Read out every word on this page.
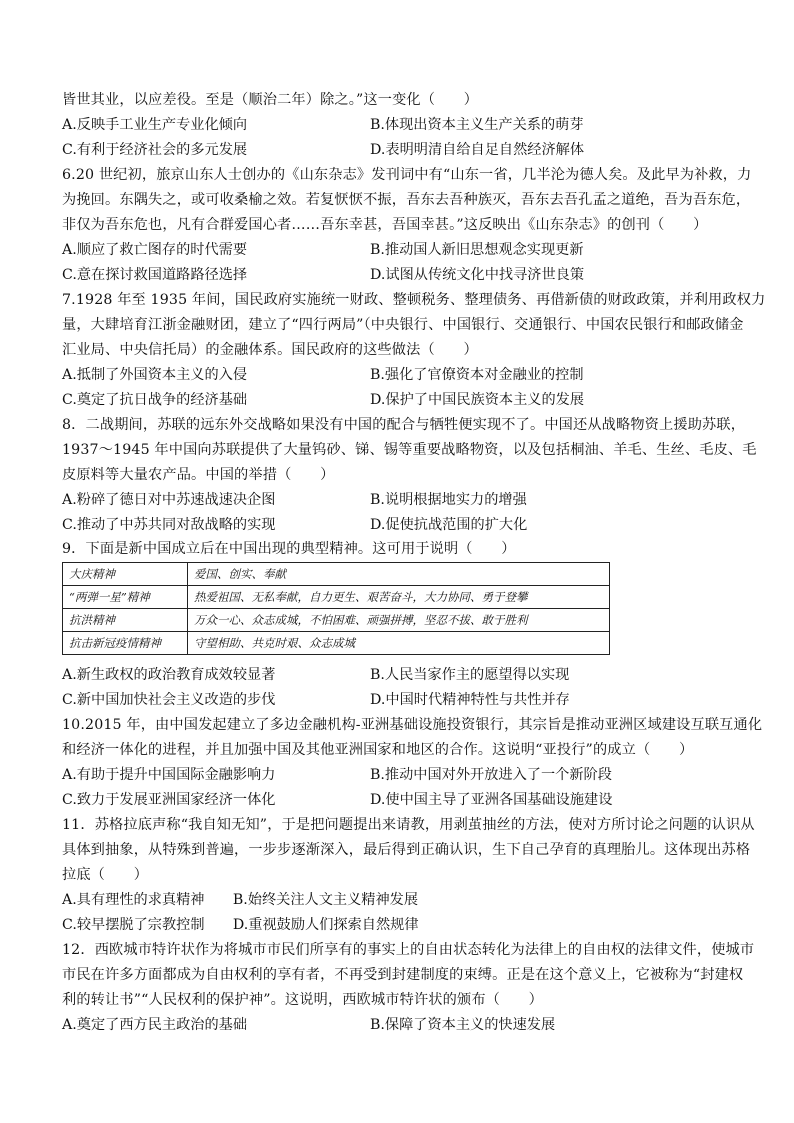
皆世其业，以应差役。至是（顺治二年）除之。”这一变化（　　）
A.反映手工业生产专业化倾向	B.体现出资本主义生产关系的萌芽
C.有利于经济社会的多元发展	D.表明明清自给自足自然经济解体
6.20 世纪初，旅京山东人士创办的《山东杂志》发刊词中有“山东一省，几半沦为德人矣。及此早为补救，力
为挽回。东隅失之，或可收桑榆之效。若复恹恹不振，吾东去吾种族灭，吾东去吾孔孟之道绝，吾为吾东危，
非仅为吾东危也，凡有合群爱国心者……吾东幸甚，吾国幸甚。”这反映出《山东杂志》的创刊（　　）
A.顺应了救亡图存的时代需要	B.推动国人新旧思想观念实现更新
C.意在探讨救国道路路径选择	D.试图从传统文化中找寻济世良策
7.1928 年至 1935 年间，国民政府实施统一财政、整顿税务、整理债务、再借新债的财政政策，并利用政权力
量，大肆培育江浙金融财团，建立了“四行两局”（中央银行、中国银行、交通银行、中国农民银行和邮政储金
汇业局、中央信托局）的金融体系。国民政府的这些做法（　　）
A.抵制了外国资本主义的入侵	B.强化了官僚资本对金融业的控制
C.奠定了抗日战争的经济基础	D.保护了中国民族资本主义的发展
8．二战期间，苏联的远东外交战略如果没有中国的配合与牺牲便实现不了。中国还从战略物资上援助苏联，
1937～1945 年中国向苏联提供了大量钨砂、锑、锡等重要战略物资，以及包括桐油、羊毛、生丝、毛皮、毛
皮原料等大量农产品。中国的举措（　　）
A.粉碎了德日对中苏速战速决企图	B.说明根据地实力的增强
C.推动了中苏共同对敌战略的实现	D.促使抗战范围的扩大化
9．下面是新中国成立后在中国出现的典型精神。这可用于说明（　　）
大庆精神	爱国、创实、奉献
“两弹一星”精神	热爱祖国、无私奉献，自力更生、艰苦奋斗，大力协同、勇于登攀
抗洪精神	万众一心、众志成城，不怕困难、顽强拼搏，坚忍不拔、敢于胜利
抗击新冠疫情精神	守望相助、共克时艰、众志成城
A.新生政权的政治教育成效较显著	B.人民当家作主的愿望得以实现
C.新中国加快社会主义改造的步伐	D.中国时代精神特性与共性并存
10.2015 年，由中国发起建立了多边金融机构-亚洲基础设施投资银行，其宗旨是推动亚洲区域建设互联互通化
和经济一体化的进程，并且加强中国及其他亚洲国家和地区的合作。这说明“亚投行”的成立（　　）
A.有助于提升中国国际金融影响力	B.推动中国对外开放进入了一个新阶段
C.致力于发展亚洲国家经济一体化	D.使中国主导了亚洲各国基础设施建设
11．苏格拉底声称“我自知无知”，于是把问题提出来请教，用剥茧抽丝的方法，使对方所讨论之问题的认识从
具体到抽象，从特殊到普遍，一步步逐渐深入，最后得到正确认识，生下自己孕育的真理胎儿。这体现出苏格
拉底（　　）
A.具有理性的求真精神　　B.始终关注人文主义精神发展
C.较早摆脱了宗教控制　　D.重视鼓励人们探索自然规律
12．西欧城市特许状作为将城市市民们所享有的事实上的自由状态转化为法律上的自由权的法律文件，使城市
市民在许多方面都成为自由权利的享有者，不再受到封建制度的束缚。正是在这个意义上，它被称为“封建权
利的转让书”“人民权利的保护神”。这说明，西欧城市特许状的颁布（　　）
A.奠定了西方民主政治的基础	B.保障了资本主义的快速发展
